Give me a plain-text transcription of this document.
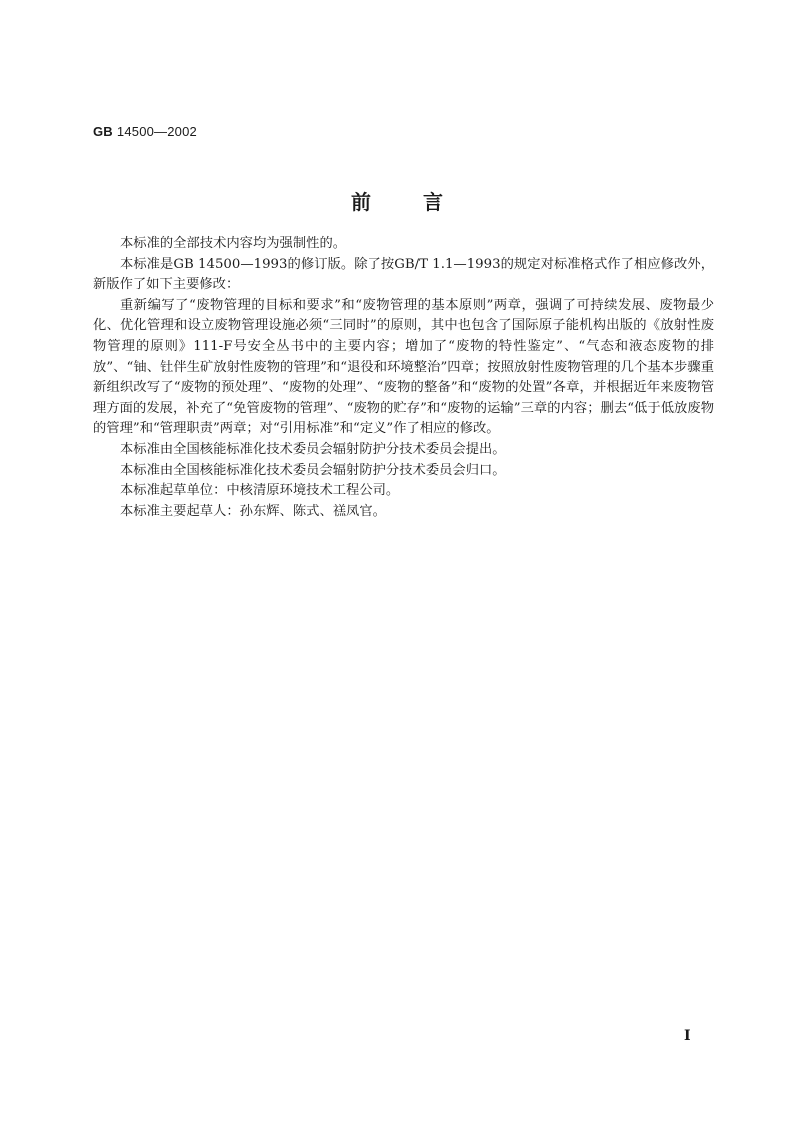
GB 14500—2002
前言

本标准的全部技术内容均为强制性的。

本标准是GB 14500—1993的修订版。除了按GB/T 1.1—1993的规定对标准格式作了相应修改外，新版作了如下主要修改：

重新编写了“废物管理的目标和要求”和“废物管理的基本原则”两章，强调了可持续发展、废物最少化、优化管理和设立废物管理设施必须“三同时”的原则，其中也包含了国际原子能机构出版的《放射性废物管理的原则》111-F号安全丛书中的主要内容；增加了“废物的特性鉴定”、“气态和液态废物的排放”、“铀、钍伴生矿放射性废物的管理”和“退役和环境整治”四章；按照放射性废物管理的几个基本步骤重新组织改写了“废物的预处理”、“废物的处理”、“废物的整备”和“废物的处置”各章，并根据近年来废物管理方面的发展，补充了“免管废物的管理”、“废物的贮存”和“废物的运输”三章的内容；删去“低于低放废物的管理”和“管理职责”两章；对“引用标准”和“定义”作了相应的修改。

本标准由全国核能标准化技术委员会辐射防护分技术委员会提出。

本标准由全国核能标准化技术委员会辐射防护分技术委员会归口。

本标准起草单位：中核清原环境技术工程公司。

本标准主要起草人：孙东辉、陈式、禚凤官。

Ⅰ
